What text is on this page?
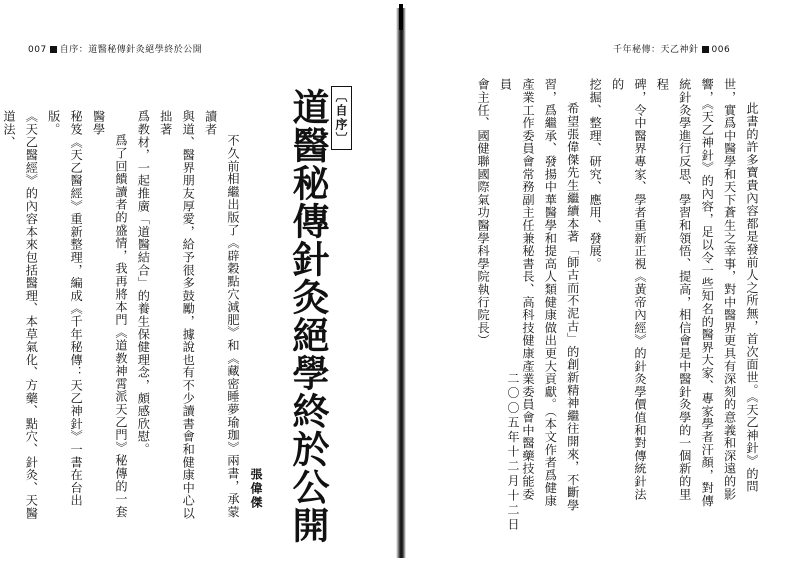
007 自序：道醫秘傳針灸絕學終於公開
〔自序〕
道醫秘傳針灸絕學終於公開
張偉傑

不久前相繼出版了《辟穀點穴減肥》和《藏密睡夢瑜珈》兩書，承蒙讀者

與道、醫界朋友厚愛，給予很多鼓勵，據說也有不少讀書會和健康中心以拙著

爲教材，一起推廣「道醫結合」的養生保健理念，頗感欣慰。

爲了回饋讀者的盛情，我再將本門《道教神霄派天乙門》秘傳的一套醫學

秘笈《天乙醫經》重新整理，編成《千年秘傳：天乙神針》一書在台出版。

《天乙醫經》的內容本來包括醫理、本草氣化、方藥、點穴、針灸、天醫道法、

千年秘傳：天乙神針 006

此書的許多寶貴內容都是發前人之所無，首次面世。《天乙神針》的問

世，實爲中醫學和天下蒼生之幸事，對中醫界更具有深刻的意義和深遠的影

響，《天乙神針》的內容，足以令一些知名的醫界大家、專家學者汗顏，對傳

統針灸學進行反思、學習和領悟、提高，相信會是中醫針灸學的一個新的里程

碑，令中醫界專家、學者重新正視《黃帝內經》的針灸學價值和對傳統針法的

挖掘、整理、研究、應用、發展。

希望張偉傑先生繼續本著「師古而不泥古」的創新精神繼往開來，不斷學

習，爲繼承、發揚中華醫學和提高人類健康做出更大貢獻。（本文作者爲健康

產業工作委員會常務副主任兼秘書長、高科技健康產業委員會中醫藥技能委員

會主任、國健聯國際氣功醫學科學院執行院長）

二〇〇五年十二月十二日
